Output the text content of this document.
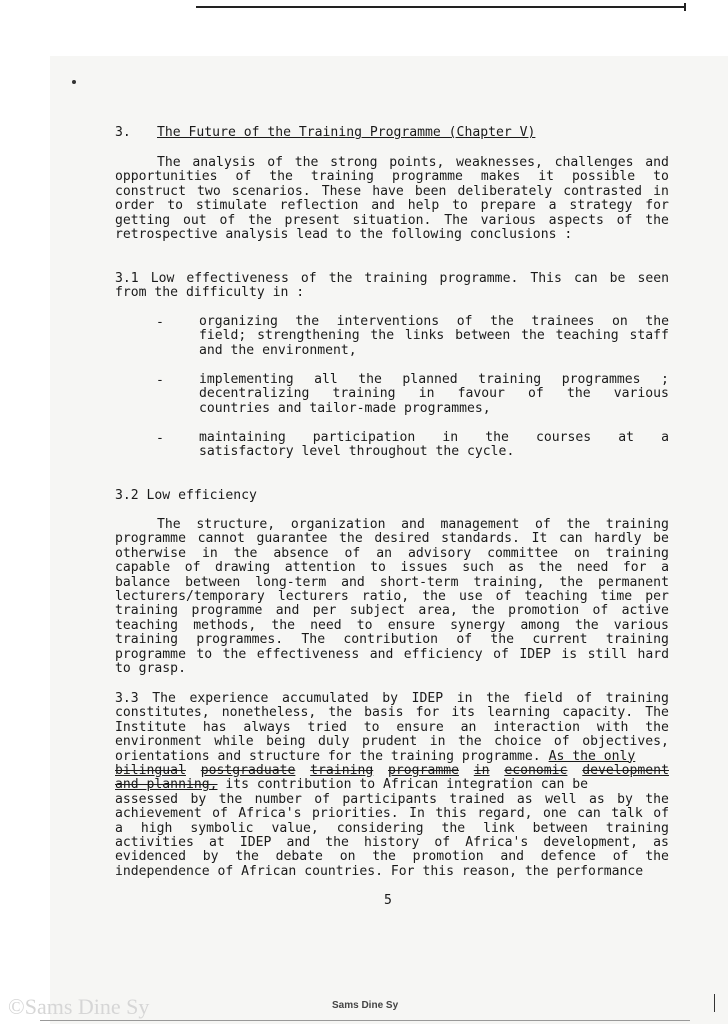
3. The Future of the Training Programme (Chapter V)
The analysis of the strong points, weaknesses, challenges and
opportunities of the training programme makes it possible to
construct two scenarios. These have been deliberately contrasted in
order to stimulate reflection and help to prepare a strategy for
getting out of the present situation. The various aspects of the
retrospective analysis lead to the following conclusions :
3.1 Low effectiveness of the training programme. This can be seen
from the difficulty in :
-	organizing the interventions of the trainees on the
field; strengthening the links between the teaching staff
and the environment,
-	implementing all the planned training programmes ;
decentralizing training in favour of the various
countries and tailor-made programmes,
-	maintaining participation in the courses at a
satisfactory level throughout the cycle.
3.2 Low efficiency
The structure, organization and management of the training
programme cannot guarantee the desired standards. It can hardly be
otherwise in the absence of an advisory committee on training
capable of drawing attention to issues such as the need for a
balance between long-term and short-term training, the permanent
lecturers/temporary lecturers ratio, the use of teaching time per
training programme and per subject area, the promotion of active
teaching methods, the need to ensure synergy among the various
training programmes. The contribution of the current training
programme to the effectiveness and efficiency of IDEP is still hard
to grasp.
3.3 The experience accumulated by IDEP in the field of training
constitutes, nonetheless, the basis for its learning capacity. The
Institute has always tried to ensure an interaction with the
environment while being duly prudent in the choice of objectives,
orientations and structure for the training programme. As the only
bilingual postgraduate training programme in economic development
and planning, its contribution to African integration can be
assessed by the number of participants trained as well as by the
achievement of Africa's priorities. In this regard, one can talk of
a high symbolic value, considering the link between training
activities at IDEP and the history of Africa's development, as
evidenced by the debate on the promotion and defence of the
independence of African countries. For this reason, the performance
5
©Sams Dine Sy	Sams Dine Sy
